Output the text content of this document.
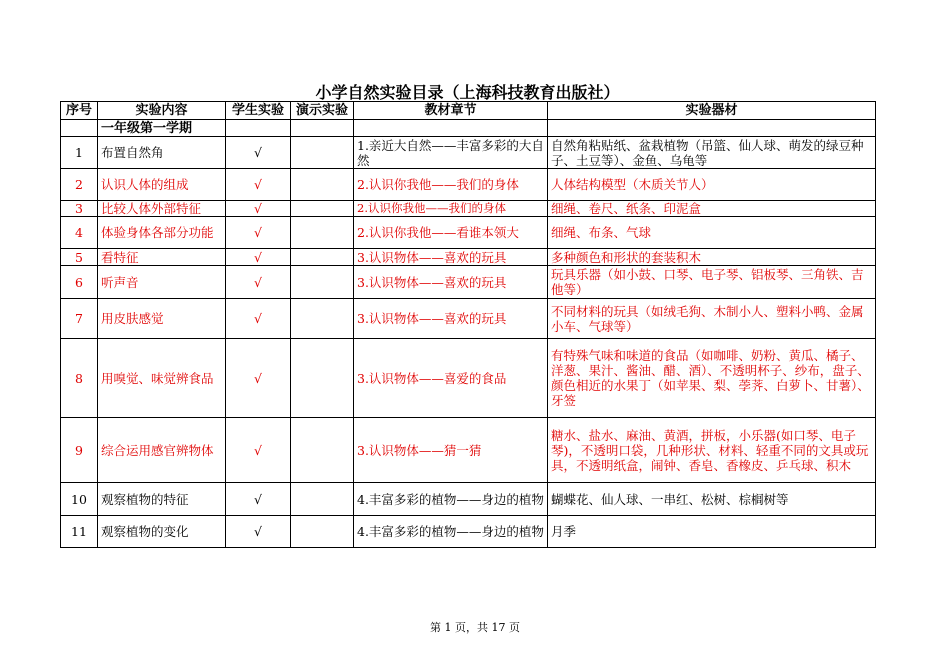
小学自然实验目录（上海科技教育出版社）
序号	实验内容	学生实验	演示实验	教材章节	实验器材
	一年级第一学期				
1	布置自然角	√		1.亲近大自然——丰富多彩的大自然	自然角粘贴纸、盆栽植物（吊篮、仙人球、萌发的绿豆种子、土豆等）、金鱼、乌龟等
2	认识人体的组成	√		2.认识你我他——我们的身体	人体结构模型（木质关节人）
3	比较人体外部特征	√		2.认识你我他——我们的身体	细绳、卷尺、纸条、印泥盒
4	体验身体各部分功能	√		2.认识你我他——看谁本领大	细绳、布条、气球
5	看特征	√		3.认识物体——喜欢的玩具	多种颜色和形状的套装积木
6	听声音	√		3.认识物体——喜欢的玩具	玩具乐器（如小鼓、口琴、电子琴、铝板琴、三角铁、吉他等）
7	用皮肤感觉	√		3.认识物体——喜欢的玩具	不同材料的玩具（如绒毛狗、木制小人、塑料小鸭、金属小车、气球等）
8	用嗅觉、味觉辨食品	√		3.认识物体——喜爱的食品	有特殊气味和味道的食品（如咖啡、奶粉、黄瓜、橘子、洋葱、果汁、酱油、醋、酒）、不透明杯子、纱布，盘子、颜色相近的水果丁（如苹果、梨、荸荠、白萝卜、甘薯）、牙签
9	综合运用感官辨物体	√		3.认识物体——猜一猜	糖水、盐水、麻油、黄酒，拼板，小乐器(如口琴、电子琴)，不透明口袋，几种形状、材料、轻重不同的文具或玩具，不透明纸盒，闹钟、香皂、香橡皮、乒乓球、积木
10	观察植物的特征	√		4.丰富多彩的植物——身边的植物	蝴蝶花、仙人球、一串红、松树、棕榈树等
11	观察植物的变化	√		4.丰富多彩的植物——身边的植物	月季
第 1 页，共 17 页
